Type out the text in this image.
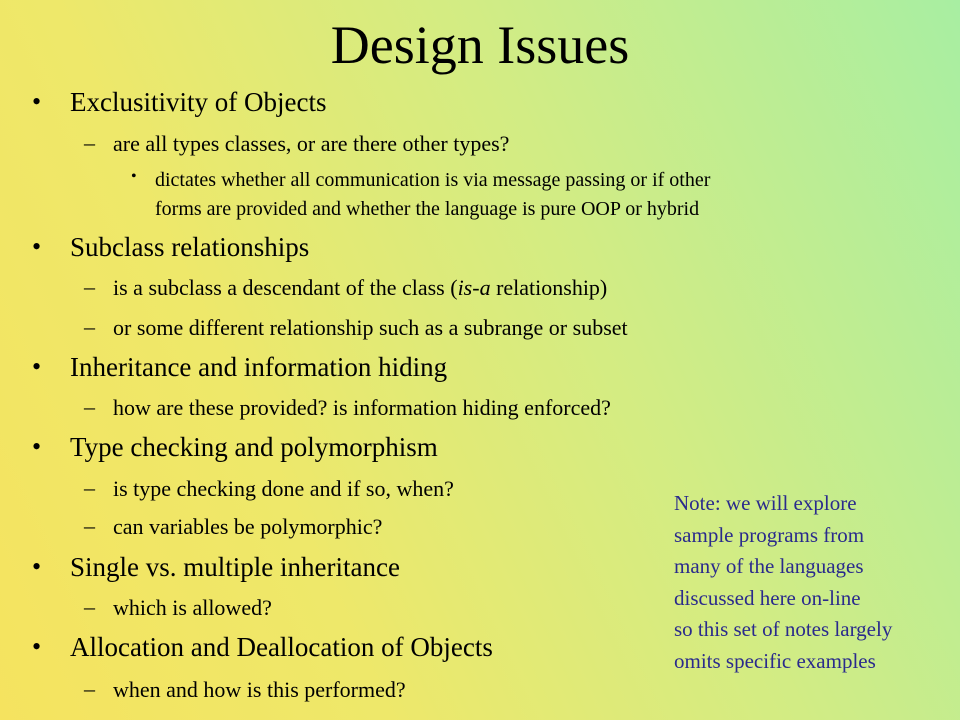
Design Issues
• Exclusitivity of Objects
– are all types classes, or are there other types?
• dictates whether all communication is via message passing or if other
forms are provided and whether the language is pure OOP or hybrid
• Subclass relationships
– is a subclass a descendant of the class (is-a relationship)
– or some different relationship such as a subrange or subset
• Inheritance and information hiding
– how are these provided? is information hiding enforced?
• Type checking and polymorphism
– is type checking done and if so, when?
– can variables be polymorphic?
• Single vs. multiple inheritance
– which is allowed?
• Allocation and Deallocation of Objects
– when and how is this performed?
Note: we will explore
sample programs from
many of the languages
discussed here on-line
so this set of notes largely
omits specific examples
